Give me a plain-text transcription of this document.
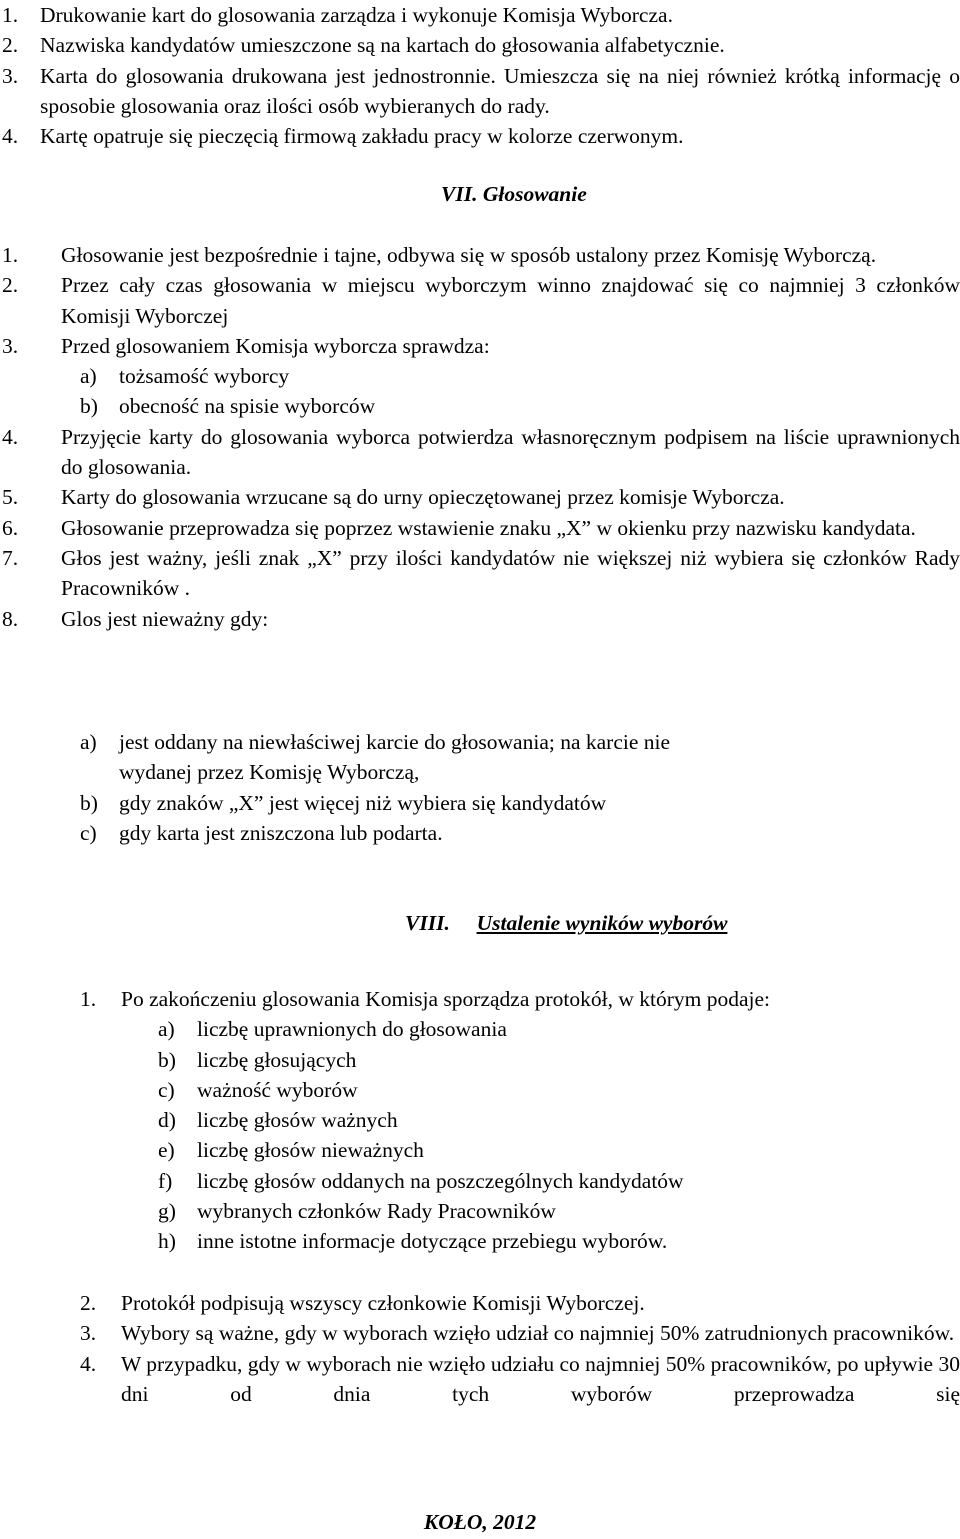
1. Drukowanie kart do glosowania zarządza i wykonuje Komisja Wyborcza.
2. Nazwiska kandydatów umieszczone są na kartach do głosowania alfabetycznie.
3. Karta do glosowania drukowana jest jednostronnie. Umieszcza się na niej również krótką informację o sposobie glosowania oraz ilości osób wybieranych do rady.
4. Kartę opatruje się pieczęcią firmową zakładu pracy w kolorze czerwonym.
VII. Głosowanie
1. Głosowanie jest bezpośrednie i tajne, odbywa się w sposób ustalony przez Komisję Wyborczą.
2. Przez cały czas głosowania w miejscu wyborczym winno znajdować się co najmniej 3 członków Komisji Wyborczej
3. Przed glosowaniem Komisja wyborcza sprawdza:
a) tożsamość wyborcy
b) obecność na spisie wyborców
4. Przyjęcie karty do glosowania wyborca potwierdza własnoręcznym podpisem na liście uprawnionych do glosowania.
5. Karty do glosowania wrzucane są do urny opieczętowanej przez komisje Wyborcza.
6. Głosowanie przeprowadza się poprzez wstawienie znaku „X” w okienku przy nazwisku kandydata.
7. Głos jest ważny, jeśli znak „X” przy ilości kandydatów nie większej niż wybiera się członków Rady Pracowników .
8. Glos jest nieważny gdy:
a) jest oddany na niewłaściwej karcie do głosowania; na karcie nie wydanej przez Komisję Wyborczą,
b) gdy znaków „X” jest więcej niż wybiera się kandydatów
c) gdy karta jest zniszczona lub podarta.
VIII. Ustalenie wyników wyborów
1. Po zakończeniu glosowania Komisja sporządza protokół, w którym podaje:
a) liczbę uprawnionych do głosowania
b) liczbę głosujących
c) ważność wyborów
d) liczbę głosów ważnych
e) liczbę głosów nieważnych
f) liczbę głosów oddanych na poszczególnych kandydatów
g) wybranych członków Rady Pracowników
h) inne istotne informacje dotyczące przebiegu wyborów.
2. Protokół podpisują wszyscy członkowie Komisji Wyborczej.
3. Wybory są ważne, gdy w wyborach wzięło udział co najmniej 50% zatrudnionych pracowników.
4. W przypadku, gdy w wyborach nie wzięło udziału co najmniej 50% pracowników, po upływie 30 dni od dnia tych wyborów przeprowadza się
KOŁO, 2012
